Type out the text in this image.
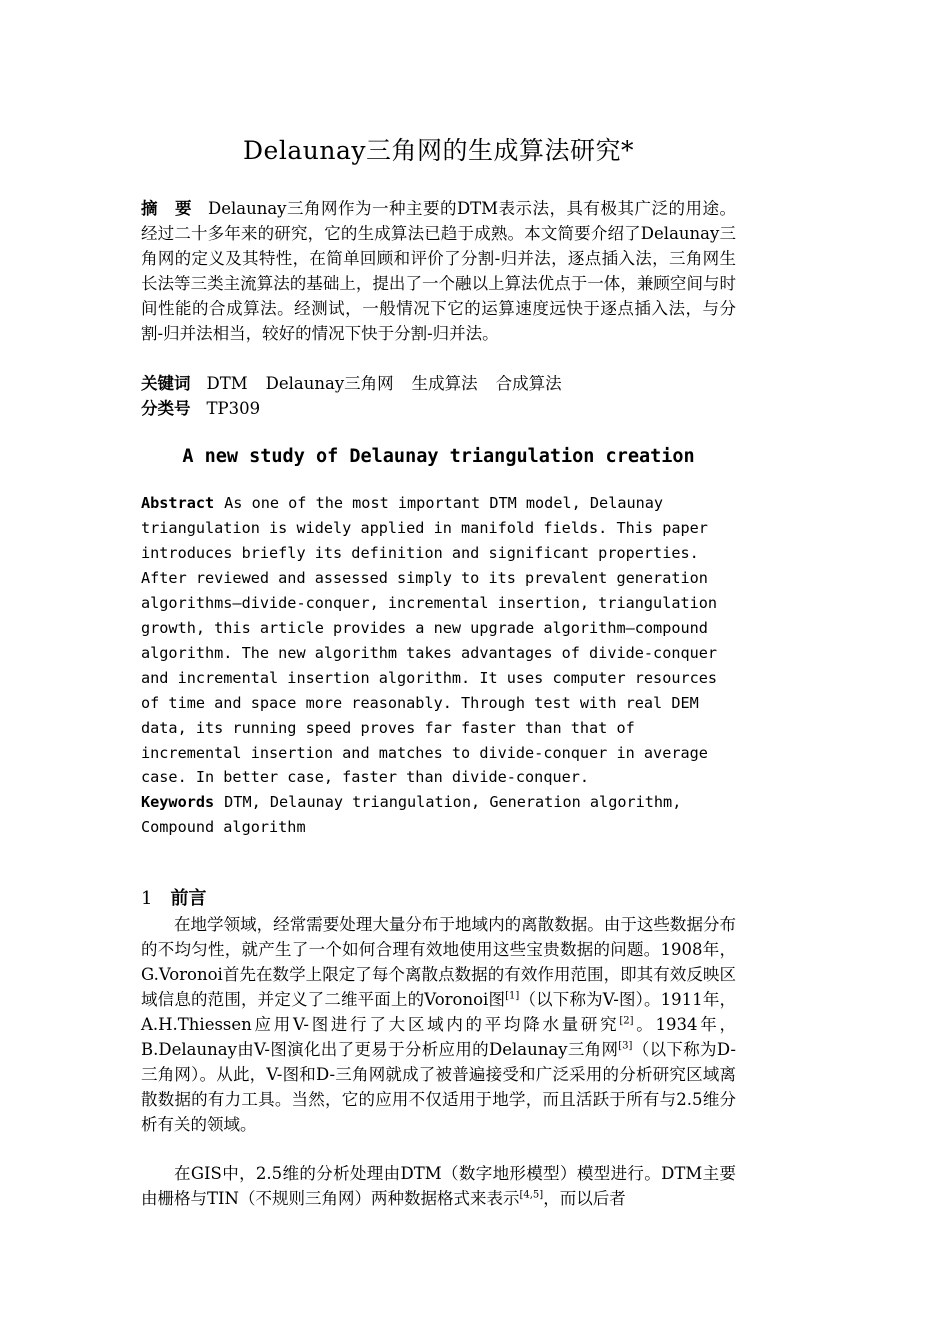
Delaunay三角网的生成算法研究*
摘　要 Delaunay三角网作为一种主要的DTM表示法，具有极其广泛的用途。经过二十多年来的研究，它的生成算法已趋于成熟。本文简要介绍了Delaunay三角网的定义及其特性，在简单回顾和评价了分割-归并法，逐点插入法，三角网生长法等三类主流算法的基础上，提出了一个融以上算法优点于一体，兼顾空间与时间性能的合成算法。经测试，一般情况下它的运算速度远快于逐点插入法，与分割-归并法相当，较好的情况下快于分割-归并法。
关键词 DTM Delaunay三角网 生成算法 合成算法
分类号 TP309
A new study of Delaunay triangulation creation
Abstract As one of the most important DTM model, Delaunay triangulation is widely applied in manifold fields. This paper introduces briefly its definition and significant properties. After reviewed and assessed simply to its prevalent generation algorithms—divide-conquer, incremental insertion, triangulation growth, this article provides a new upgrade algorithm—compound algorithm. The new algorithm takes advantages of divide-conquer and incremental insertion algorithm. It uses computer resources of time and space more reasonably. Through test with real DEM data, its running speed proves far faster than that of incremental insertion and matches to divide-conquer in average case. In better case, faster than divide-conquer.
Keywords DTM, Delaunay triangulation, Generation algorithm, Compound algorithm
1 前言
在地学领域，经常需要处理大量分布于地域内的离散数据。由于这些数据分布的不均匀性，就产生了一个如何合理有效地使用这些宝贵数据的问题。1908年，G.Voronoi首先在数学上限定了每个离散点数据的有效作用范围，即其有效反映区域信息的范围，并定义了二维平面上的Voronoi图[1]（以下称为V-图）。1911年，A.H.Thiessen应用V-图进行了大区域内的平均降水量研究[2]。1934年，B.Delaunay由V-图演化出了更易于分析应用的Delaunay三角网[3]（以下称为D-三角网）。从此，V-图和D-三角网就成了被普遍接受和广泛采用的分析研究区域离散数据的有力工具。当然，它的应用不仅适用于地学，而且活跃于所有与2.5维分析有关的领域。
在GIS中，2.5维的分析处理由DTM（数字地形模型）模型进行。DTM主要由栅格与TIN（不规则三角网）两种数据格式来表示[4,5]，而以后者
